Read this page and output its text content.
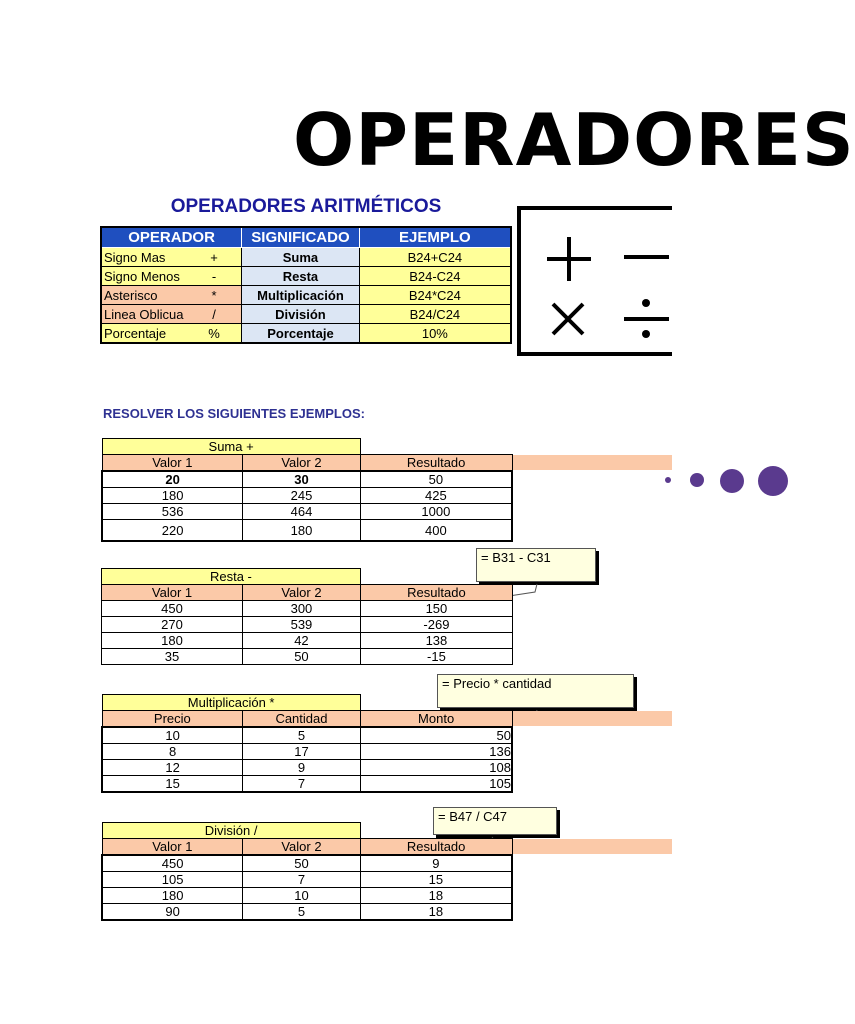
OPERADORES
OPERADORES ARITMÉTICOS
OPERADOR	SIGNIFICADO	EJEMPLO

Signo Mas +	Suma	B24+C24

Signo Menos -	Resta	B24-C24

Asterisco *	Multiplicación	B24*C24

Linea Oblicua /	División	B24/C24

Porcentaje %	Porcentaje	10%
RESOLVER LOS SIGUIENTES EJEMPLOS:
Suma +		
Valor 1	Valor 2	Resultado
20	30	50
180	245	425
536	464	1000
220	180	400
= B31 - C31
Resta -		
Valor 1	Valor 2	Resultado
450	300	150
270	539	-269
180	42	138
35	50	-15
= Precio * cantidad
Multiplicación *		
Precio	Cantidad	Monto
10	5	50
8	17	136
12	9	108
15	7	105
= B47 / C47
División /		
Valor 1	Valor 2	Resultado
450	50	9
105	7	15
180	10	18
90	5	18
